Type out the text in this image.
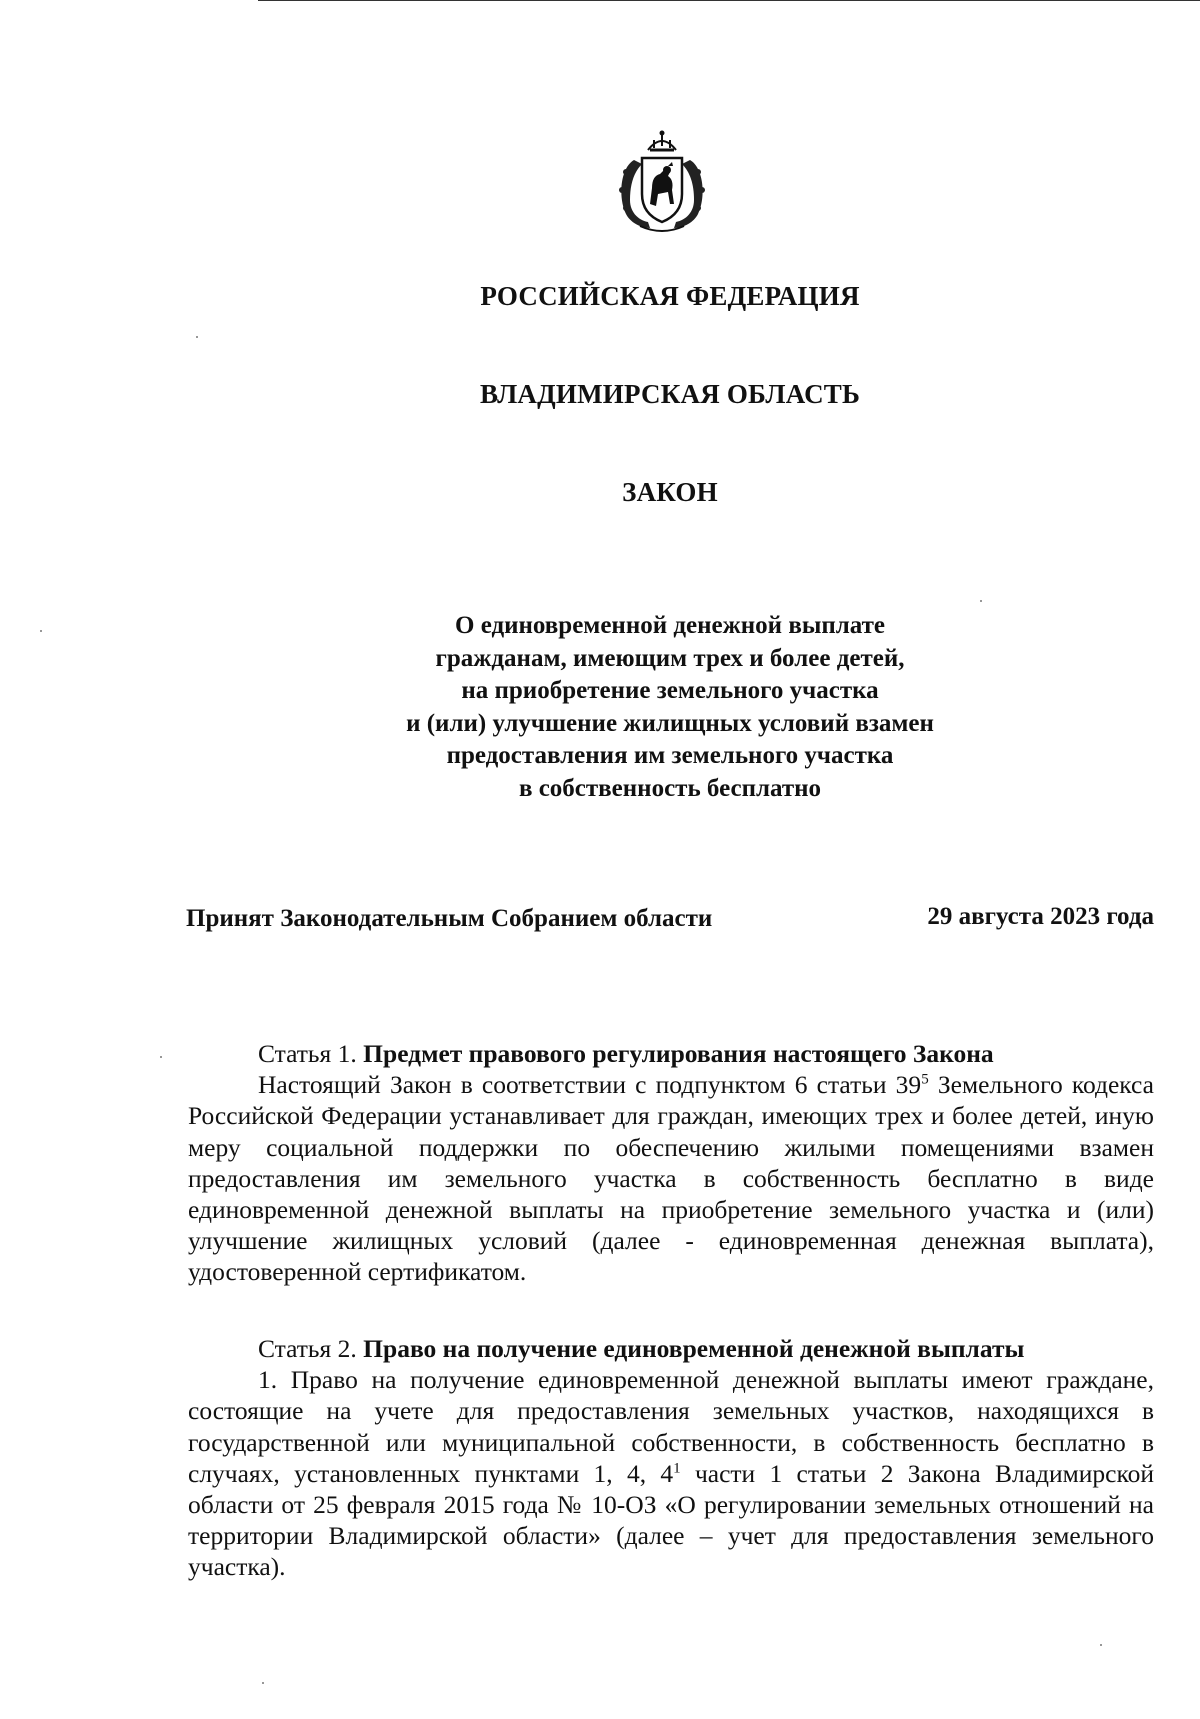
РОССИЙСКАЯ ФЕДЕРАЦИЯ
ВЛАДИМИРСКАЯ ОБЛАСТЬ
ЗАКОН
О единовременной денежной выплате
гражданам, имеющим трех и более детей,
на приобретение земельного участка
и (или) улучшение жилищных условий взамен
предоставления им земельного участка
в собственность бесплатно
Принят Законодательным Собранием области	29 августа 2023 года
Статья 1. Предмет правового регулирования настоящего Закона

Настоящий Закон в соответствии с подпунктом 6 статьи $39^5$ Земельного кодекса Российской Федерации устанавливает для граждан, имеющих трех и более детей, иную меру социальной поддержки по обеспечению жилыми помещениями взамен предоставления им земельного участка в собственность бесплатно в виде единовременной денежной выплаты на приобретение земельного участка и (или) улучшение жилищных условий (далее - единовременная денежная выплата), удостоверенной сертификатом.

Статья 2. Право на получение единовременной денежной выплаты

1. Право на получение единовременной денежной выплаты имеют граждане, состоящие на учете для предоставления земельных участков, находящихся в государственной или муниципальной собственности, в собственность бесплатно в случаях, установленных пунктами 1, 4, $4^1$ части 1 статьи 2 Закона Владимирской области от 25 февраля 2015 года № 10-ОЗ «О регулировании земельных отношений на территории Владимирской области» (далее – учет для предоставления земельного участка).
